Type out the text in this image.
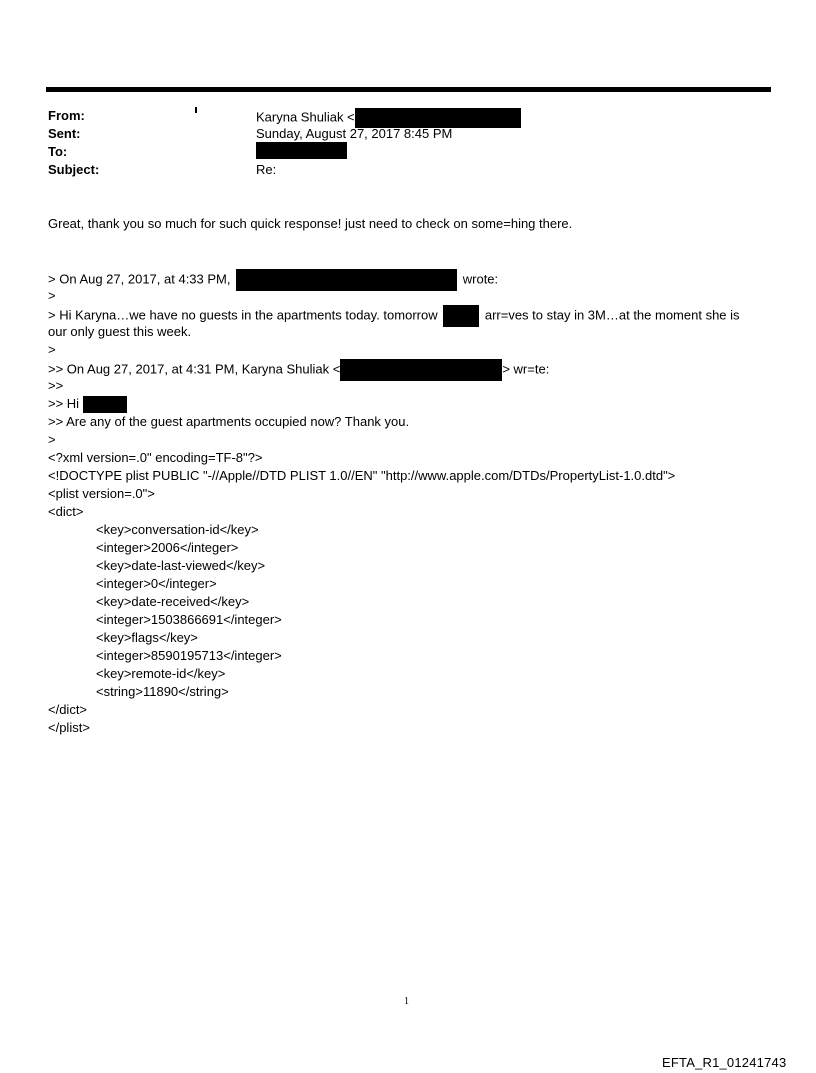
From:	Karyna Shuliak <
Sent:	Sunday, August 27, 2017 8:45 PM
To:
Subject:	Re:
Great, thank you so much for such quick response! just need to check on some=hing there.
> On Aug 27, 2017, at 4:33 PM,	wrote:
>
> Hi Karyna…we have no guests in the apartments today. tomorrow	arr=ves to stay in 3M…at the moment she is
our only guest this week.
>
>> On Aug 27, 2017, at 4:31 PM, Karyna Shuliak <	> wr=te:
>>
>> Hi
>> Are any of the guest apartments occupied now? Thank you.
>
<?xml version=.0" encoding=TF-8"?>
<!DOCTYPE plist PUBLIC "-//Apple//DTD PLIST 1.0//EN" "http://www.apple.com/DTDs/PropertyList-1.0.dtd">
<plist version=.0">
<dict>
<key>conversation-id</key>
<integer>2006</integer>
<key>date-last-viewed</key>
<integer>0</integer>
<key>date-received</key>
<integer>1503866691</integer>
<key>flags</key>
<integer>8590195713</integer>
<key>remote-id</key>
<string>11890</string>
</dict>
</plist>
1
EFTA_R1_01241743
